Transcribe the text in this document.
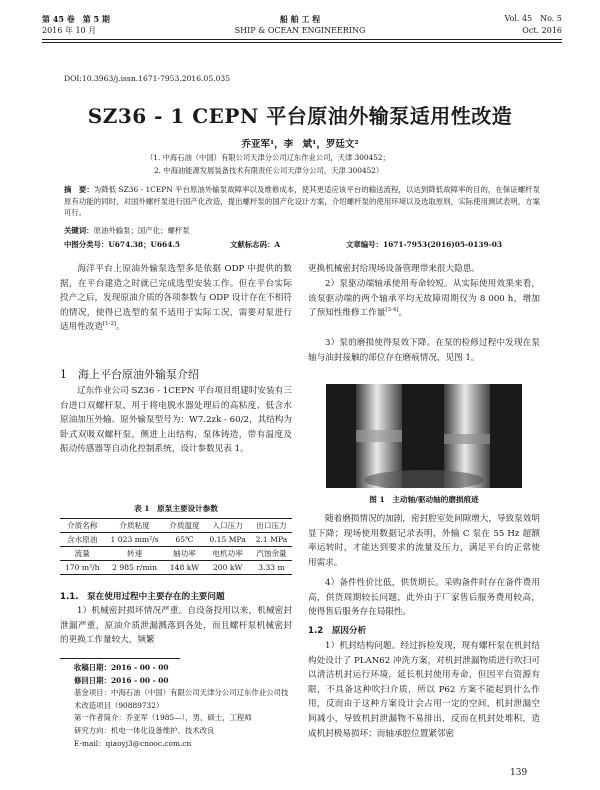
第 45 卷　第 5 期
2016 年 10 月
船 舶 工 程
SHIP & OCEAN ENGINEERING
Vol. 45　No. 5
Oct. 2016
DOI:10.3963/j.issn.1671-7953.2016.05.035
SZ36 - 1 CEPN 平台原油外输泵适用性改造
乔亚军¹，李　斌¹，罗廷文²
（1. 中海石油（中国）有限公司天津分公司辽东作业公司，天津 300452；
2. 中海油能源发展装备技术有限责任公司天津分公司，天津 300452）
摘　要：为降低 SZ36 - 1CEPN 平台原油外输泵故障率以及维修成本，使其更适应该平台的输送流程，以达到降低故障率的目的，在保证螺杆泵原有功能的同时，对国外螺杆泵进行国产化改造，提出螺杆泵的国产化设计方案，介绍螺杆泵的使用环境以及选取原则，实际使用测试表明，方案可行。
关键词：原油外输泵；国产化；螺杆泵
中图分类号：U674.38；U664.5	文献标志码：A	文章编号：1671-7953(2016)05-0139-03
海洋平台上原油外输泵选型多是依据 ODP 中提供的数据，在平台建造之时就已完成选型安装工作。但在平台实际投产之后，发现原油介质的各项参数与 ODP 设计存在不相符的情况，使得已选型的泵不适用于实际工况，需要对泵进行适用性改造[1-2]。
1　海上平台原油外输泵介绍
辽东作业公司 SZ36 - 1CEPN 平台项目组建时安装有三台进口双螺杆泵，用于将电脱水器处理后的高粘度、低含水原油加压外输。原外输泵型号为：W7.2zk - 60/2，其结构为卧式双吸双螺杆泵，侧进上出结构，泵体铸造，带有温度及振动传感器等自动化控制系统，设计参数见表 1。
表 1　原泵主要设计参数
介质名称	介质粘度	介质温度	入口压力	出口压力
含水原油	1 023 mm²/s	65℃	0.15 MPa	2.1 MPa
流量	转速	轴功率	电机功率	汽蚀余量
170 m³/h	2 985 r/min	148 kW	200 kW	3.33 m
1.1.　泵在使用过程中主要存在的主要问题
1）机械密封损坏情况严重。自设备投用以来，机械密封泄漏严重，原油介质泄漏溅落到各处，而且螺杆泵机械密封的更换工作量较大，频繁
收稿日期：2016 - 00 - 00
修回日期：2016 - 00 - 00
基金项目：中海石油（中国）有限公司天津分公司辽东作业公司技术改造项目（90889732）
第一作者简介：乔亚军（1985—），男，硕士，工程师
研究方向：机电一体化设备维护、技术改良
E-mail：qiaoyj3@cnooc.com.cn
更换机械密封给现场设备管理带来很大隐患。
2）泵驱动端轴承使用寿命较短。从实际使用效果来看，该泵驱动端的两个轴承平均无故障周期仅为 8 000 h，增加了预知性维修工作量[3-4]。
3）泵的磨损使得泵效下降。在泵的检修过程中发现在泵轴与油封接触的部位存在磨痕情况，见图 1。
图 1　主动轴/驱动轴的磨损痕迹
随着磨损情况的加剧，密封腔室处间隙增大，导致泵效明显下降；现场使用数据记录表明，外输 C 泵在 55 Hz 超额率运转时，才能达到要求的流量及压力，满足平台的正常使用需求。
4）备件性价比低，供货期长。采购备件时存在备件费用高，供货周期较长问题，此外由于厂家售后服务费用较高，使得售后服务存在局限性。
1.2　原因分析
1）机封结构问题。经过拆检发现，现有螺杆泵在机封结构处设计了 PLAN62 冲洗方案，对机封泄漏物质进行吹扫可以清洁机封运行环境，延长机封使用寿命，但因平台资源有限，不具备这种吹扫介质，所以 P62 方案不能起到什么作用，反而由于这种方案设计会占用一定的空间，机封泄漏空间减小，导致机封泄漏物不易排出，反而在机封处堆积，造成机封极易损坏；而轴承腔位置紧邻密
139
